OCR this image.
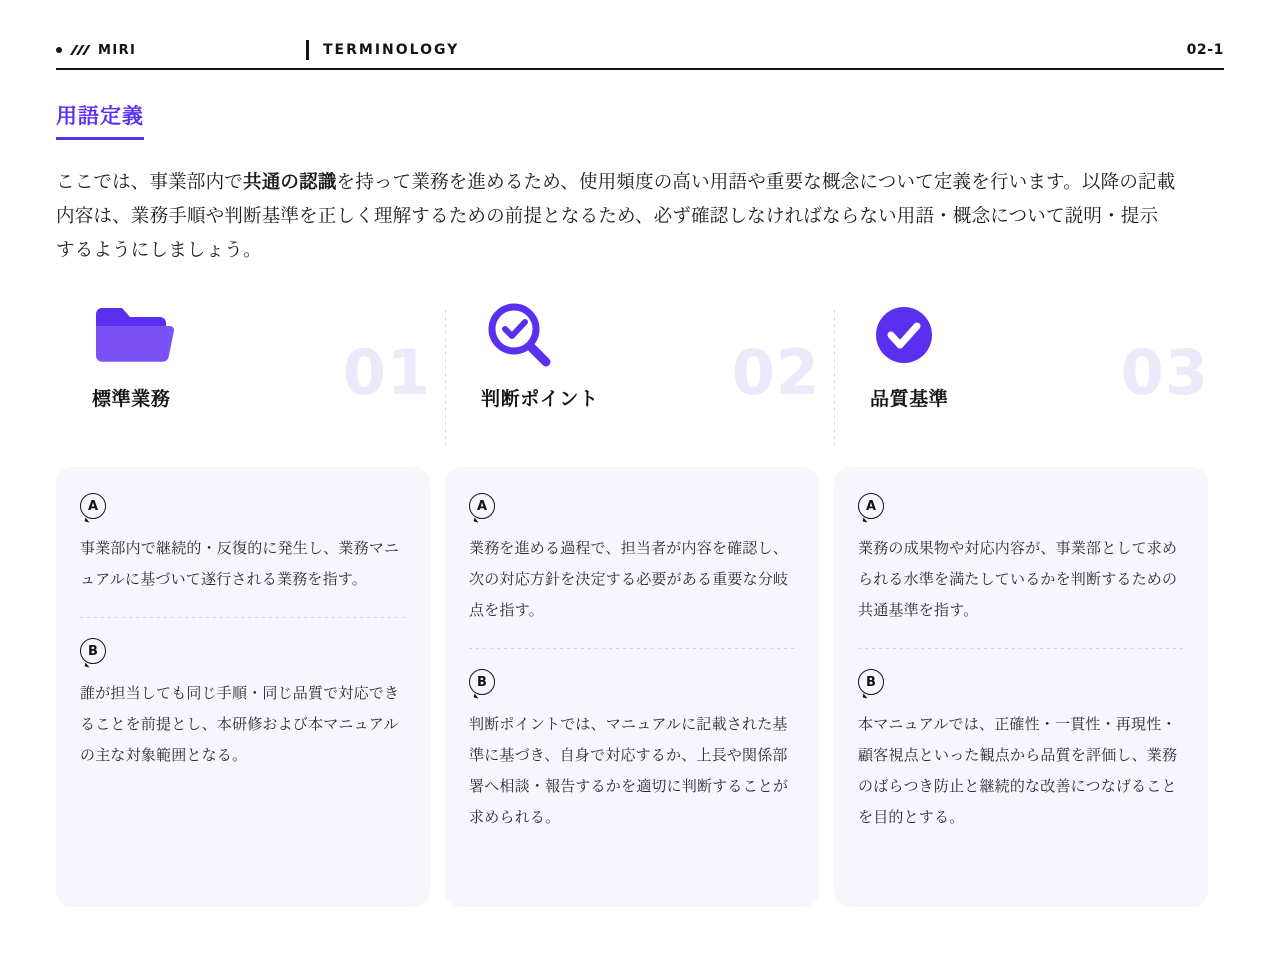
MIRI	TERMINOLOGY	02-1
用語定義

ここでは、事業部内で共通の認識を持って業務を進めるため、使用頻度の高い用語や重要な概念について定義を行います。以降の記載内容は、業務手順や判断基準を正しく理解するための前提となるため、必ず確認しなければならない用語・概念について説明・提示するようにしましょう。

標準業務	01
A
事業部内で継続的・反復的に発生し、業務マニュアルに基づいて遂行される業務を指す。
B
誰が担当しても同じ手順・同じ品質で対応できることを前提とし、本研修および本マニュアルの主な対象範囲となる。
判断ポイント	02
A
業務を進める過程で、担当者が内容を確認し、次の対応方針を決定する必要がある重要な分岐点を指す。
B
判断ポイントでは、マニュアルに記載された基準に基づき、自身で対応するか、上長や関係部署へ相談・報告するかを適切に判断することが求められる。
品質基準	03
A
業務の成果物や対応内容が、事業部として求められる水準を満たしているかを判断するための共通基準を指す。
B
本マニュアルでは、正確性・一貫性・再現性・顧客視点といった観点から品質を評価し、業務のばらつき防止と継続的な改善につなげることを目的とする。
